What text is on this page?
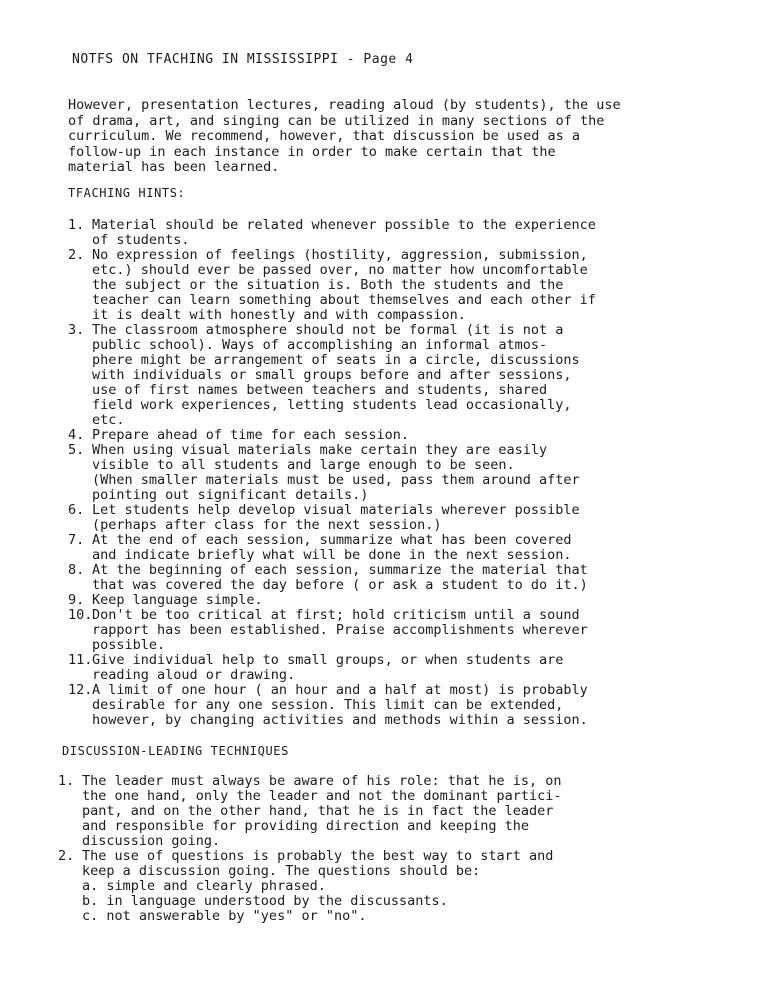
NOTFS ON TFACHING IN MISSISSIPPI - Page 4
However, presentation lectures, reading aloud (by students), the use
of drama, art, and singing can be utilized in many sections of the
curriculum. We recommend, however, that discussion be used as a
follow-up in each instance in order to make certain that the
material has been learned.
TFACHING HINTS:
1. Material should be related whenever possible to the experience
of students.
2. No expression of feelings (hostility, aggression, submission,
etc.) should ever be passed over, no matter how uncomfortable
the subject or the situation is. Both the students and the
teacher can learn something about themselves and each other if
it is dealt with honestly and with compassion.
3. The classroom atmosphere should not be formal (it is not a
public school). Ways of accomplishing an informal atmos-
phere might be arrangement of seats in a circle, discussions
with individuals or small groups before and after sessions,
use of first names between teachers and students, shared
field work experiences, letting students lead occasionally,
etc.
4. Prepare ahead of time for each session.
5. When using visual materials make certain they are easily
visible to all students and large enough to be seen.
(When smaller materials must be used, pass them around after
pointing out significant details.)
6. Let students help develop visual materials wherever possible
(perhaps after class for the next session.)
7. At the end of each session, summarize what has been covered
and indicate briefly what will be done in the next session.
8. At the beginning of each session, summarize the material that
that was covered the day before ( or ask a student to do it.)
9. Keep language simple.
10. Don't be too critical at first; hold criticism until a sound
rapport has been established. Praise accomplishments wherever
possible.
11. Give individual help to small groups, or when students are
reading aloud or drawing.
12. A limit of one hour ( an hour and a half at most) is probably
desirable for any one session. This limit can be extended,
however, by changing activities and methods within a session.
DISCUSSION-LEADING TECHNIQUES
1. The leader must always be aware of his role: that he is, on
the one hand, only the leader and not the dominant partici-
pant, and on the other hand, that he is in fact the leader
and responsible for providing direction and keeping the
discussion going.
2. The use of questions is probably the best way to start and
keep a discussion going. The questions should be:
a. simple and clearly phrased.
b. in language understood by the discussants.
c. not answerable by "yes" or "no".
